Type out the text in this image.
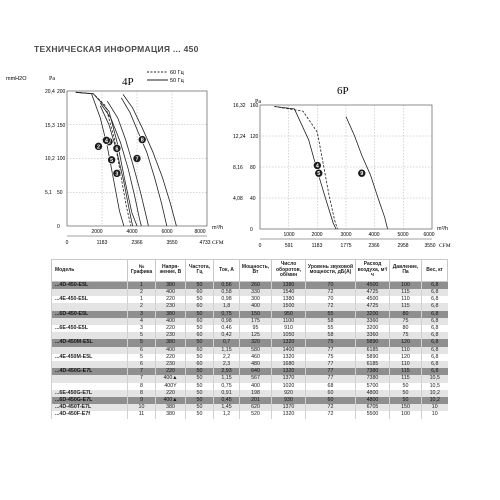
ТЕХНИЧЕСКАЯ ИНФОРМАЦИЯ ... 450
mmH2O	Pa	4P
60 Гц
50 Гц
2
3
4
5
6
7
8
20,4
15,3
10,2
5,1
200
150
100
50
0
2000	4000	6000	8000
m³/h
0	1183	2366	3550	4733 CFM
Pa
6P
4
5	9
16,32
12,24
8,16
4,08
160
120
80
40
0
1000	2000	3000	4000	5000	6000
m³/h
0	591	1183	1775	2366	2958	3550 CFM
Модель	№ Графика	Напря-жение, В	Частота, Гц	Ток, А	Мощность, Вт	Число оборотов, об/мин	Уровень звуковой мощности, дБ(А)	Расход воздуха, м³/ч	Давление, Па	Вес, кг
...4D-450-E5L	1	380	50	0,56	260	1380	70	4500	100	6,8
	2	400	60	0,58	330	1540	72	4725	115	6,8
...4E-450-E5L	1	220	50	0,98	300	1380	70	4500	110	6,8
	2	230	60	1,8	400	1500	72	4725	115	6,8
...6D-450-E5L	3	380	50	0,75	150	950	55	3200	80	6,8
	4	400	60	0,98	175	1100	58	3360	75	6,8
...6E-450-E5L	3	220	50	0,46	95	910	55	3200	80	6,8
	5	230	60	0,42	125	1050	58	3360	75	6,8
...4D-450M-E5L	5	380	50	0,7	320	1320	75	5890	120	6,8
	6	400	60	1,15	580	1400	77	6185	110	6,8
...4E-450M-E5L	5	220	50	2,2	460	1320	75	5890	120	6,8
	6	230	60	2,3	480	1680	77	6185	110	6,8
...4D-450G-E7L	7	220	50	2,93	640	1320	77	7380	115	6,8
	7	400▲	50	1,15	567	1370	77	7380	115	10,5
	8	400Y	50	0,75	400	1020	68	5700	50	10,5
...6E-450G-E7L	8	220	50	0,91	198	920	60	4800	50	10,2
...6D-450G-E7L	9	400▲	50	0,45	201	930	60	4800	50	10,2
...4D-450T-E7L	10	380	50	1,45	620	1370	72	6705	150	10
...4D-450F-E7f	11	380	50	1,2	520	1320	72	5500	100	10
